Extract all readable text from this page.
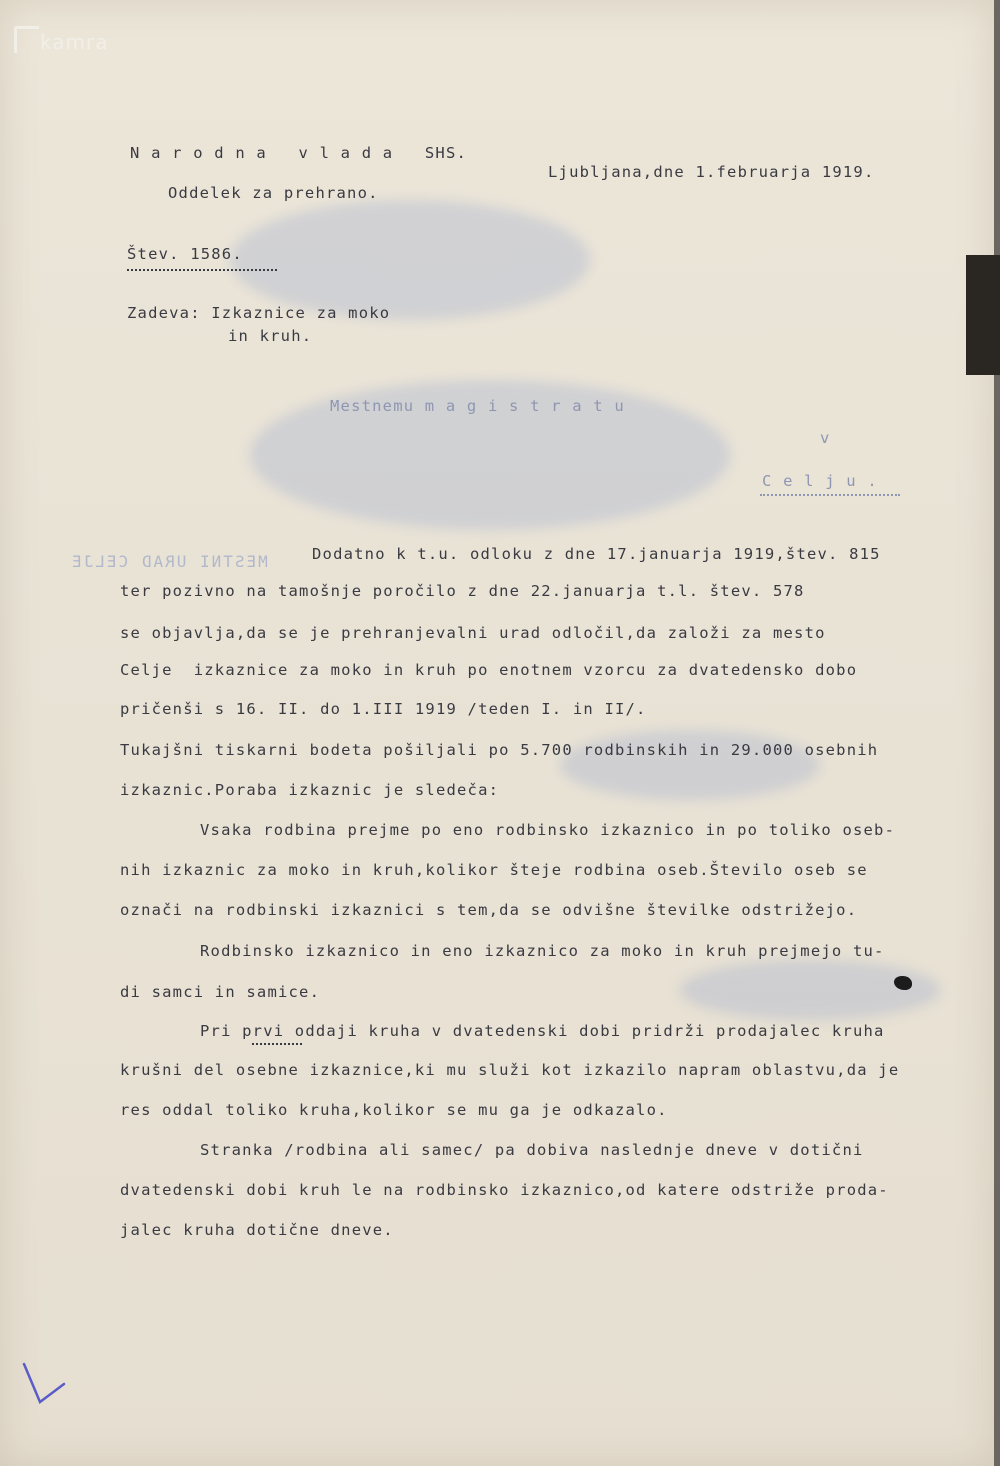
kamra
MESTNI URAD CELJE
N a r o d n a   v l a d a   SHS.
Ljubljana,dne 1.februarja 1919.
Oddelek za prehrano.
Štev. 1586.
Zadeva: Izkaznice za moko
in kruh.
Mestnemu m a g i s t r a t u
v
C e l j u .
Dodatno k t.u. odloku z dne 17.januarja 1919,štev. 815
ter pozivno na tamošnje poročilo z dne 22.januarja t.l. štev. 578
se objavlja,da se je prehranjevalni urad odločil,da založi za mesto
Celje  izkaznice za moko in kruh po enotnem vzorcu za dvatedensko dobo
pričenši s 16. II. do 1.III 1919 /teden I. in II/.
Tukajšni tiskarni bodeta pošiljali po 5.700 rodbinskih in 29.000 osebnih
izkaznic.Poraba izkaznic je sledeča:
Vsaka rodbina prejme po eno rodbinsko izkaznico in po toliko oseb-
nih izkaznic za moko in kruh,kolikor šteje rodbina oseb.Število oseb se
označi na rodbinski izkaznici s tem,da se odvišne številke odstrižejo.
Rodbinsko izkaznico in eno izkaznico za moko in kruh prejmejo tu-
di samci in samice.
Pri prvi oddaji kruha v dvatedenski dobi pridrži prodajalec kruha
krušni del osebne izkaznice,ki mu služi kot izkazilo napram oblastvu,da je
res oddal toliko kruha,kolikor se mu ga je odkazalo.
Stranka /rodbina ali samec/ pa dobiva naslednje dneve v dotični
dvatedenski dobi kruh le na rodbinsko izkaznico,od katere odstriže proda-
jalec kruha dotične dneve.
